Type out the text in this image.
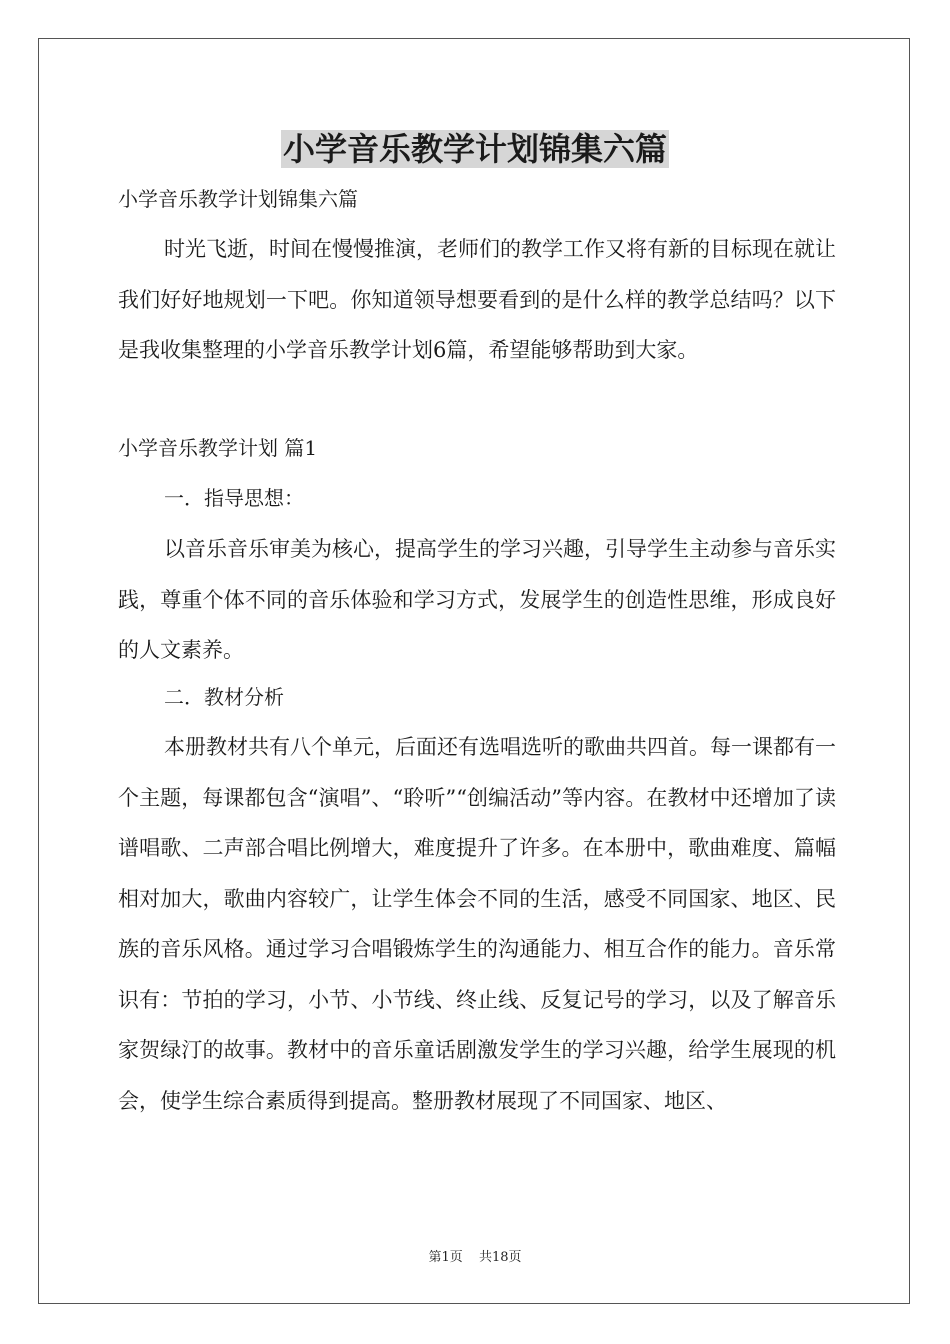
小学音乐教学计划锦集六篇
小学音乐教学计划锦集六篇
时光飞逝，时间在慢慢推演，老师们的教学工作又将有新的目标现在就让我们好好地规划一下吧。你知道领导想要看到的是什么样的教学总结吗？以下是我收集整理的小学音乐教学计划6篇，希望能够帮助到大家。
小学音乐教学计划 篇1
一．指导思想：
以音乐音乐审美为核心，提高学生的学习兴趣，引导学生主动参与音乐实践，尊重个体不同的音乐体验和学习方式，发展学生的创造性思维，形成良好的人文素养。
二．教材分析
本册教材共有八个单元，后面还有选唱选听的歌曲共四首。每一课都有一个主题，每课都包含“演唱”、“聆听”“创编活动”等内容。在教材中还增加了读谱唱歌、二声部合唱比例增大，难度提升了许多。在本册中，歌曲难度、篇幅相对加大，歌曲内容较广，让学生体会不同的生活，感受不同国家、地区、民族的音乐风格。通过学习合唱锻炼学生的沟通能力、相互合作的能力。音乐常识有：节拍的学习，小节、小节线、终止线、反复记号的学习，以及了解音乐家贺绿汀的故事。教材中的音乐童话剧激发学生的学习兴趣，给学生展现的机会，使学生综合素质得到提高。整册教材展现了不同国家、地区、
第1页 共18页
